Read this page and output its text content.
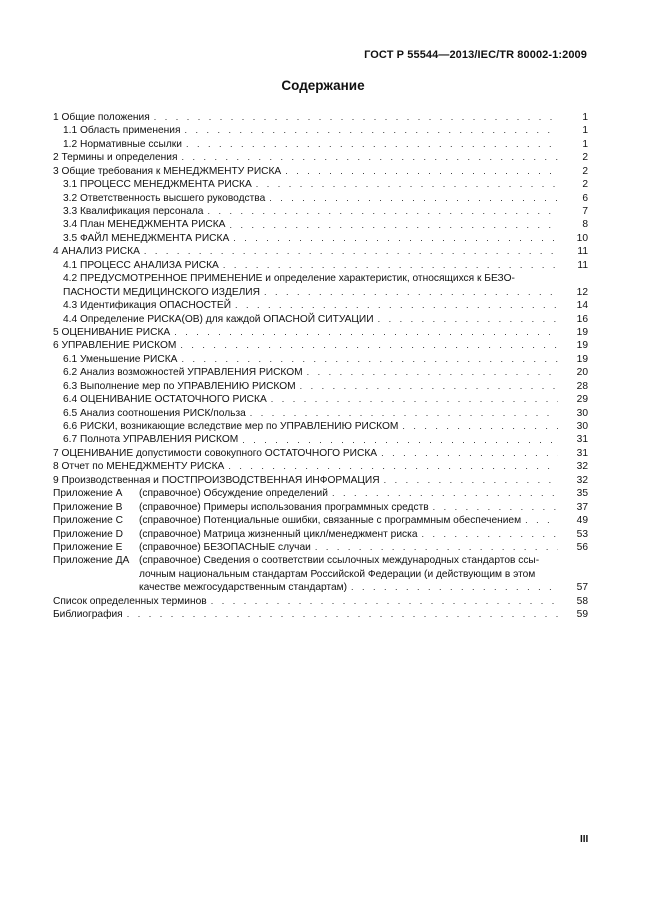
ГОСТ Р 55544—2013/IEC/TR 80002-1:2009
Содержание
1 Общие положения . . .	1
1.1 Область применения . . .	1
1.2 Нормативные ссылки . . .	1
2 Термины и определения . . .	2
3 Общие требования к МЕНЕДЖМЕНТУ РИСКА . . .	2
3.1 ПРОЦЕСС МЕНЕДЖМЕНТА РИСКА . . .	2
3.2 Ответственность высшего руководства . . .	6
3.3 Квалификация персонала . . .	7
3.4 План МЕНЕДЖМЕНТА РИСКА . . .	8
3.5 ФАЙЛ МЕНЕДЖМЕНТА РИСКА . . .	10
4 АНАЛИЗ РИСКА . . .	11
4.1 ПРОЦЕСС АНАЛИЗА РИСКА . . .	11
4.2 ПРЕДУСМОТРЕННОЕ ПРИМЕНЕНИЕ и определение характеристик, относящихся к БЕЗО-
ПАСНОСТИ МЕДИЦИНСКОГО ИЗДЕЛИЯ . . .	12
4.3 Идентификация ОПАСНОСТЕЙ . . .	14
4.4 Определение РИСКА(ОВ) для каждой ОПАСНОЙ СИТУАЦИИ . . .	16
5 ОЦЕНИВАНИЕ РИСКА . . .	19
6 УПРАВЛЕНИЕ РИСКОМ . . .	19
6.1 Уменьшение РИСКА . . .	19
6.2 Анализ возможностей УПРАВЛЕНИЯ РИСКОМ . . .	20
6.3 Выполнение мер по УПРАВЛЕНИЮ РИСКОМ . . .	28
6.4 ОЦЕНИВАНИЕ ОСТАТОЧНОГО РИСКА . . .	29
6.5 Анализ соотношения РИСК/польза . . .	30
6.6 РИСКИ, возникающие вследствие мер по УПРАВЛЕНИЮ РИСКОМ . . .	30
6.7 Полнота УПРАВЛЕНИЯ РИСКОМ . . .	31
7 ОЦЕНИВАНИЕ допустимости совокупного ОСТАТОЧНОГО РИСКА . . .	31
8 Отчет по МЕНЕДЖМЕНТУ РИСКА . . .	32
9 Производственная и ПОСТПРОИЗВОДСТВЕННАЯ ИНФОРМАЦИЯ . . .	32
Приложение А	(справочное) Обсуждение определений . . .	35
Приложение В	(справочное) Примеры использования программных средств . . .	37
Приложение С	(справочное) Потенциальные ошибки, связанные с программным обеспечением . . .	49
Приложение D	(справочное) Матрица жизненный цикл/менеджмент риска . . .	53
Приложение Е	(справочное) БЕЗОПАСНЫЕ случаи . . .	56
Приложение ДА (справочное) Сведения о соответствии ссылочных международных стандартов ссы-
лочным национальным стандартам Российской Федерации (и действующим в этом
качестве межгосударственным стандартам) . . .	57
Список определенных терминов . . .	58
Библиография . . .	59
III
